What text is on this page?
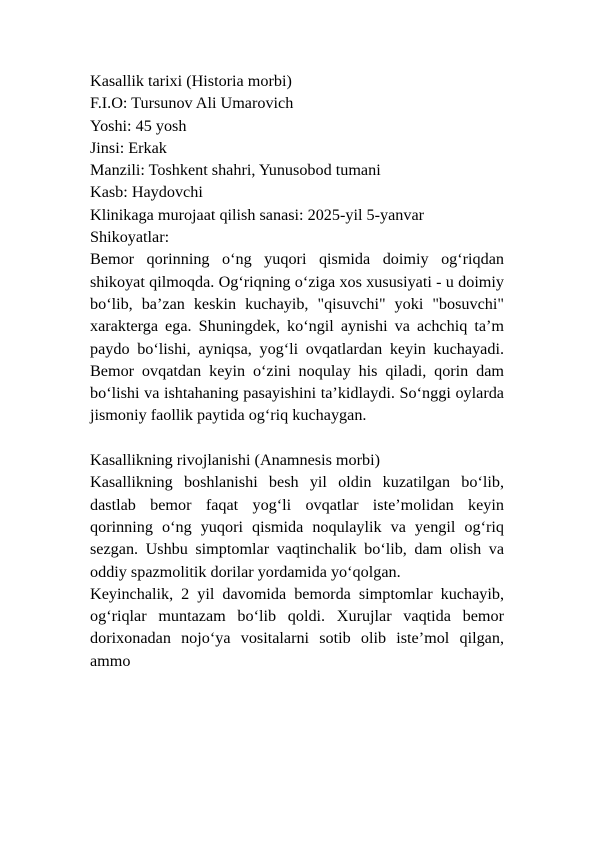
Kasallik tarixi (Historia morbi)
F.I.O: Tursunov Ali Umarovich
Yoshi: 45 yosh
Jinsi: Erkak
Manzili: Toshkent shahri, Yunusobod tumani
Kasb: Haydovchi
Klinikaga murojaat qilish sanasi: 2025-yil 5-yanvar
Shikoyatlar:

Bemor qorinning o‘ng yuqori qismida doimiy og‘riqdan shikoyat qilmoqda. Og‘riqning o‘ziga xos xususiyati - u doimiy bo‘lib, ba’zan keskin kuchayib, "qisuvchi" yoki "bosuvchi" xarakterga ega. Shuningdek, ko‘ngil aynishi va achchiq ta’m paydo bo‘lishi, ayniqsa, yog‘li ovqatlardan keyin kuchayadi. Bemor ovqatdan keyin o‘zini noqulay his qiladi, qorin dam bo‘lishi va ishtahaning pasayishini ta’kidlaydi. So‘nggi oylarda jismoniy faollik paytida og‘riq kuchaygan.

Kasallikning rivojlanishi (Anamnesis morbi)

Kasallikning boshlanishi besh yil oldin kuzatilgan bo‘lib, dastlab bemor faqat yog‘li ovqatlar iste’molidan keyin qorinning o‘ng yuqori qismida noqulaylik va yengil og‘riq sezgan. Ushbu simptomlar vaqtinchalik bo‘lib, dam olish va oddiy spazmolitik dorilar yordamida yo‘qolgan.

Keyinchalik, 2 yil davomida bemorda simptomlar kuchayib, og‘riqlar muntazam bo‘lib qoldi. Xurujlar vaqtida bemor dorixonadan nojo‘ya vositalarni sotib olib iste’mol qilgan, ammo
